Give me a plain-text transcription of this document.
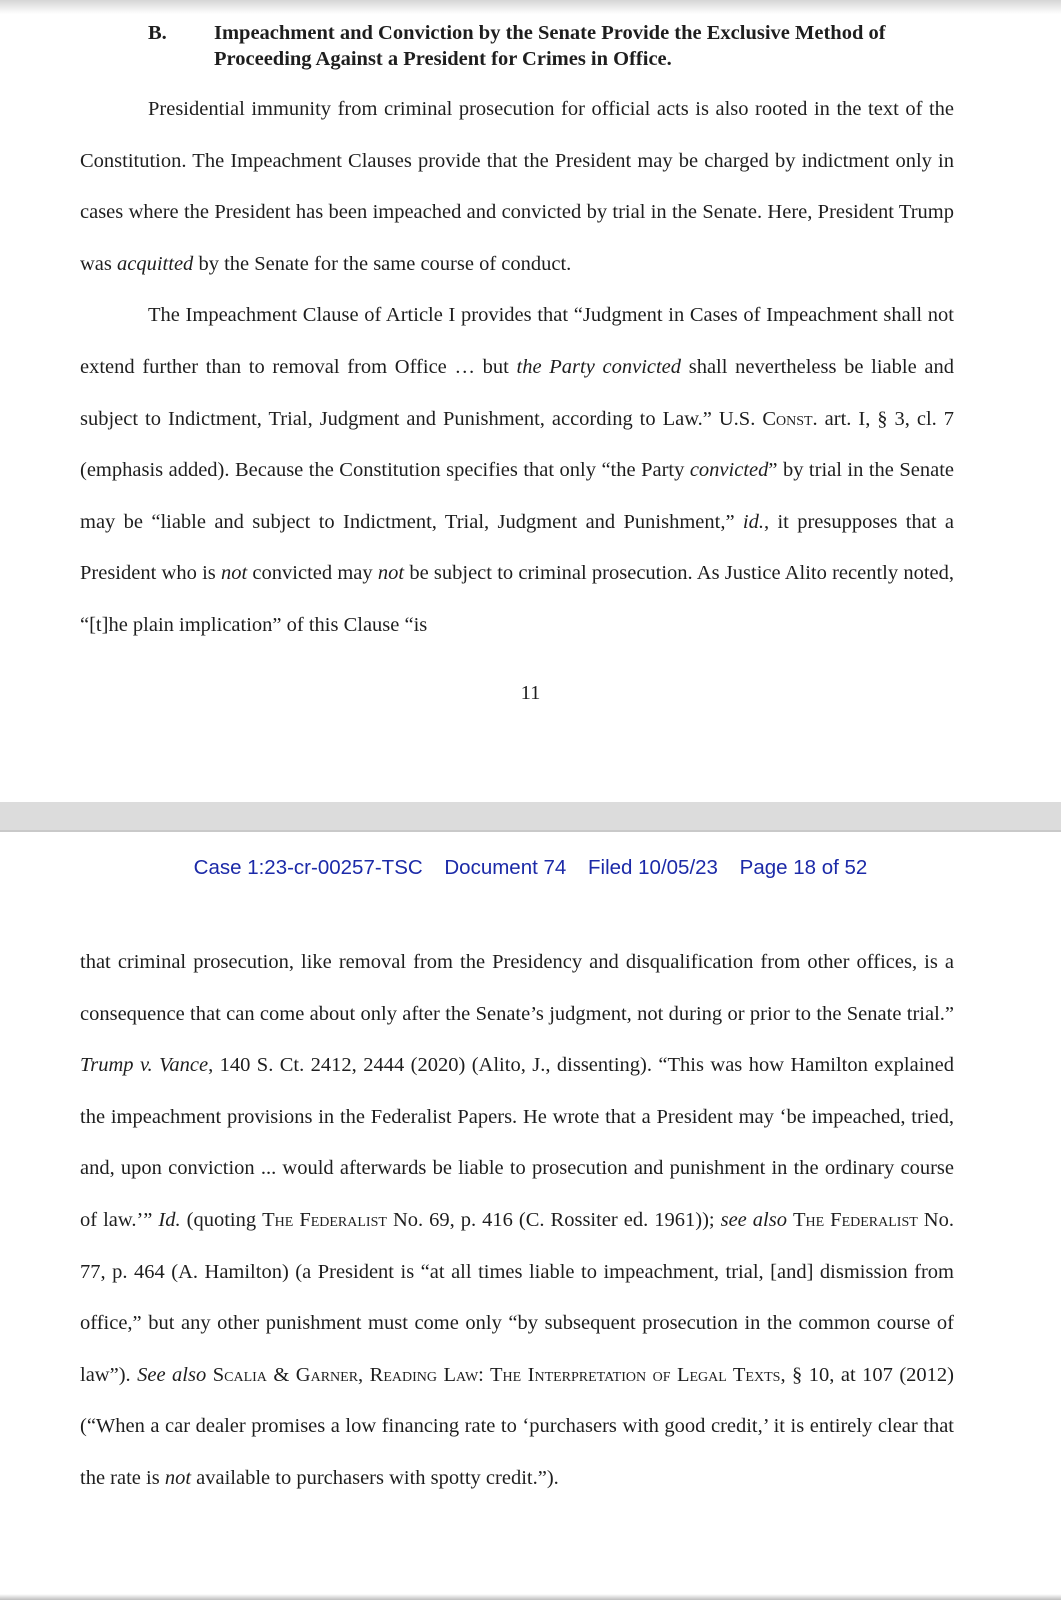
B. Impeachment and Conviction by the Senate Provide the Exclusive Method of Proceeding Against a President for Crimes in Office.

Presidential immunity from criminal prosecution for official acts is also rooted in the text of the Constitution. The Impeachment Clauses provide that the President may be charged by indictment only in cases where the President has been impeached and convicted by trial in the Senate. Here, President Trump was acquitted by the Senate for the same course of conduct.

The Impeachment Clause of Article I provides that “Judgment in Cases of Impeachment shall not extend further than to removal from Office … but the Party convicted shall nevertheless be liable and subject to Indictment, Trial, Judgment and Punishment, according to Law.” U.S. Const. art. I, § 3, cl. 7 (emphasis added). Because the Constitution specifies that only “the Party convicted” by trial in the Senate may be “liable and subject to Indictment, Trial, Judgment and Punishment,” id., it presupposes that a President who is not convicted may not be subject to criminal prosecution. As Justice Alito recently noted, “[t]he plain implication” of this Clause “is

11
Case 1:23-cr-00257-TSC Document 74 Filed 10/05/23 Page 18 of 52

that criminal prosecution, like removal from the Presidency and disqualification from other offices, is a consequence that can come about only after the Senate’s judgment, not during or prior to the Senate trial.” Trump v. Vance, 140 S. Ct. 2412, 2444 (2020) (Alito, J., dissenting). “This was how Hamilton explained the impeachment provisions in the Federalist Papers. He wrote that a President may ‘be impeached, tried, and, upon conviction ... would afterwards be liable to prosecution and punishment in the ordinary course of law.’” Id. (quoting The Federalist No. 69, p. 416 (C. Rossiter ed. 1961)); see also The Federalist No. 77, p. 464 (A. Hamilton) (a President is “at all times liable to impeachment, trial, [and] dismission from office,” but any other punishment must come only “by subsequent prosecution in the common course of law”). See also Scalia & Garner, Reading Law: The Interpretation of Legal Texts, § 10, at 107 (2012) (“When a car dealer promises a low financing rate to ‘purchasers with good credit,’ it is entirely clear that the rate is not available to purchasers with spotty credit.”).
